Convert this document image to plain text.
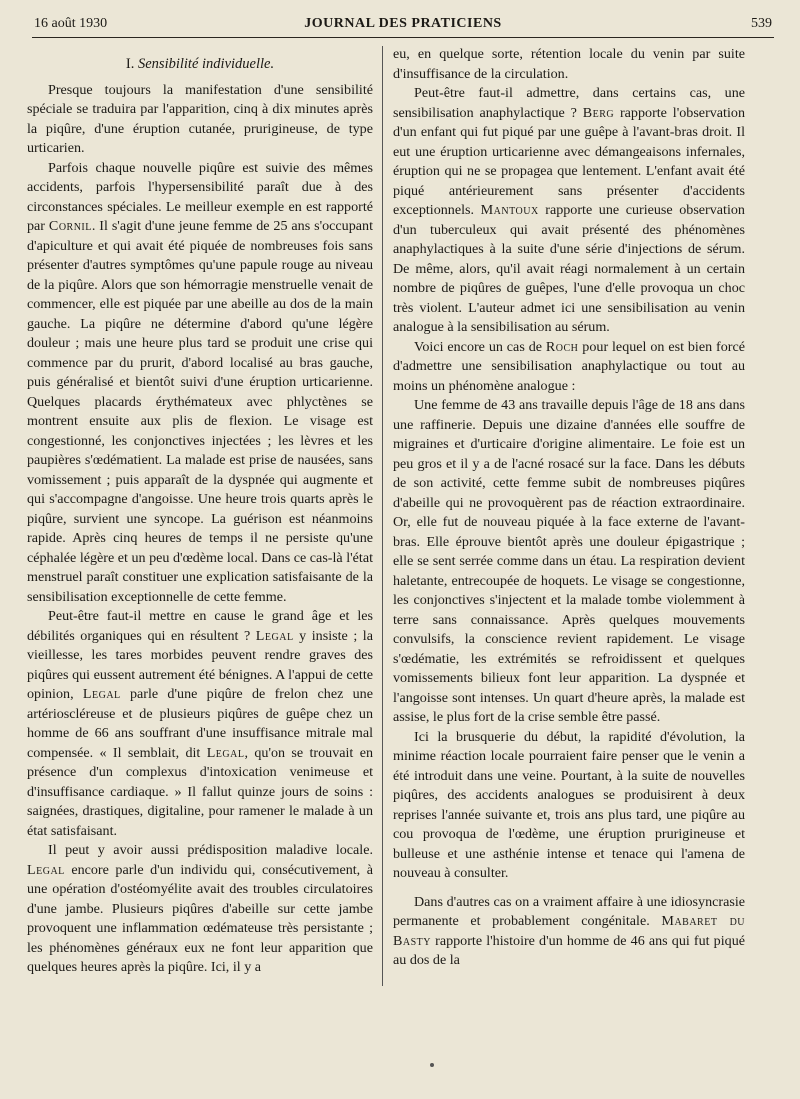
16 août 1930	JOURNAL DES PRATICIENS	539
I. Sensibilité individuelle.

Presque toujours la manifestation d'une sensibilité spéciale se traduira par l'apparition, cinq à dix minutes après la piqûre, d'une éruption cutanée, prurigineuse, de type urticarien.

Parfois chaque nouvelle piqûre est suivie des mêmes accidents, parfois l'hypersensibilité paraît due à des circonstances spéciales. Le meilleur exemple en est rapporté par Cornil. Il s'agit d'une jeune femme de 25 ans s'occupant d'apiculture et qui avait été piquée de nombreuses fois sans présenter d'autres symptômes qu'une papule rouge au niveau de la piqûre. Alors que son hémorragie menstruelle venait de commencer, elle est piquée par une abeille au dos de la main gauche. La piqûre ne détermine d'abord qu'une légère douleur ; mais une heure plus tard se produit une crise qui commence par du prurit, d'abord localisé au bras gauche, puis généralisé et bientôt suivi d'une éruption urticarienne. Quelques placards érythémateux avec phlyctènes se montrent ensuite aux plis de flexion. Le visage est congestionné, les conjonctives injectées ; les lèvres et les paupières s'œdématient. La malade est prise de nausées, sans vomissement ; puis apparaît de la dyspnée qui augmente et qui s'accompagne d'angoisse. Une heure trois quarts après le piqûre, survient une syncope. La guérison est néanmoins rapide. Après cinq heures de temps il ne persiste qu'une céphalée légère et un peu d'œdème local. Dans ce cas-là l'état menstruel paraît constituer une explication satisfaisante de la sensibilisation exceptionnelle de cette femme.

Peut-être faut-il mettre en cause le grand âge et les débilités organiques qui en résultent ? Legal y insiste ; la vieillesse, les tares morbides peuvent rendre graves des piqûres qui eussent autrement été bénignes. A l'appui de cette opinion, Legal parle d'une piqûre de frelon chez une artérioscléreuse et de plusieurs piqûres de guêpe chez un homme de 66 ans souffrant d'une insuffisance mitrale mal compensée. « Il semblait, dit Legal, qu'on se trouvait en présence d'un complexus d'intoxication venimeuse et d'insuffisance cardiaque. » Il fallut quinze jours de soins : saignées, drastiques, digitaline, pour ramener le malade à un état satisfaisant.

Il peut y avoir aussi prédisposition maladive locale. Legal encore parle d'un individu qui, consécutivement, à une opération d'ostéomyélite avait des troubles circulatoires d'une jambe. Plusieurs piqûres d'abeille sur cette jambe provoquent une inflammation œdémateuse très persistante ; les phénomènes généraux eux ne font leur apparition que quelques heures après la piqûre. Ici, il y a

eu, en quelque sorte, rétention locale du venin par suite d'insuffisance de la circulation.

Peut-être faut-il admettre, dans certains cas, une sensibilisation anaphylactique ? Berg rapporte l'observation d'un enfant qui fut piqué par une guêpe à l'avant-bras droit. Il eut une éruption urticarienne avec démangeaisons infernales, éruption qui ne se propagea que lentement. L'enfant avait été piqué antérieurement sans présenter d'accidents exceptionnels. Mantoux rapporte une curieuse observation d'un tuberculeux qui avait présenté des phénomènes anaphylactiques à la suite d'une série d'injections de sérum. De même, alors, qu'il avait réagi normalement à un certain nombre de piqûres de guêpes, l'une d'elle provoqua un choc très violent. L'auteur admet ici une sensibilisation au venin analogue à la sensibilisation au sérum.

Voici encore un cas de Roch pour lequel on est bien forcé d'admettre une sensibilisation anaphylactique ou tout au moins un phénomène analogue :

Une femme de 43 ans travaille depuis l'âge de 18 ans dans une raffinerie. Depuis une dizaine d'années elle souffre de migraines et d'urticaire d'origine alimentaire. Le foie est un peu gros et il y a de l'acné rosacé sur la face. Dans les débuts de son activité, cette femme subit de nombreuses piqûres d'abeille qui ne provoquèrent pas de réaction extraordinaire. Or, elle fut de nouveau piquée à la face externe de l'avant-bras. Elle éprouve bientôt après une douleur épigastrique ; elle se sent serrée comme dans un étau. La respiration devient haletante, entrecoupée de hoquets. Le visage se congestionne, les conjonctives s'injectent et la malade tombe violemment à terre sans connaissance. Après quelques mouvements convulsifs, la conscience revient rapidement. Le visage s'œdématie, les extrémités se refroidissent et quelques vomissements bilieux font leur apparition. La dyspnée et l'angoisse sont intenses. Un quart d'heure après, la malade est assise, le plus fort de la crise semble être passé.

Ici la brusquerie du début, la rapidité d'évolution, la minime réaction locale pourraient faire penser que le venin a été introduit dans une veine. Pourtant, à la suite de nouvelles piqûres, des accidents analogues se produisirent à deux reprises l'année suivante et, trois ans plus tard, une piqûre au cou provoqua de l'œdème, une éruption prurigineuse et bulleuse et une asthénie intense et tenace qui l'amena de nouveau à consulter.

Dans d'autres cas on a vraiment affaire à une idiosyncrasie permanente et probablement congénitale. Mabaret du Basty rapporte l'histoire d'un homme de 46 ans qui fut piqué au dos de la
